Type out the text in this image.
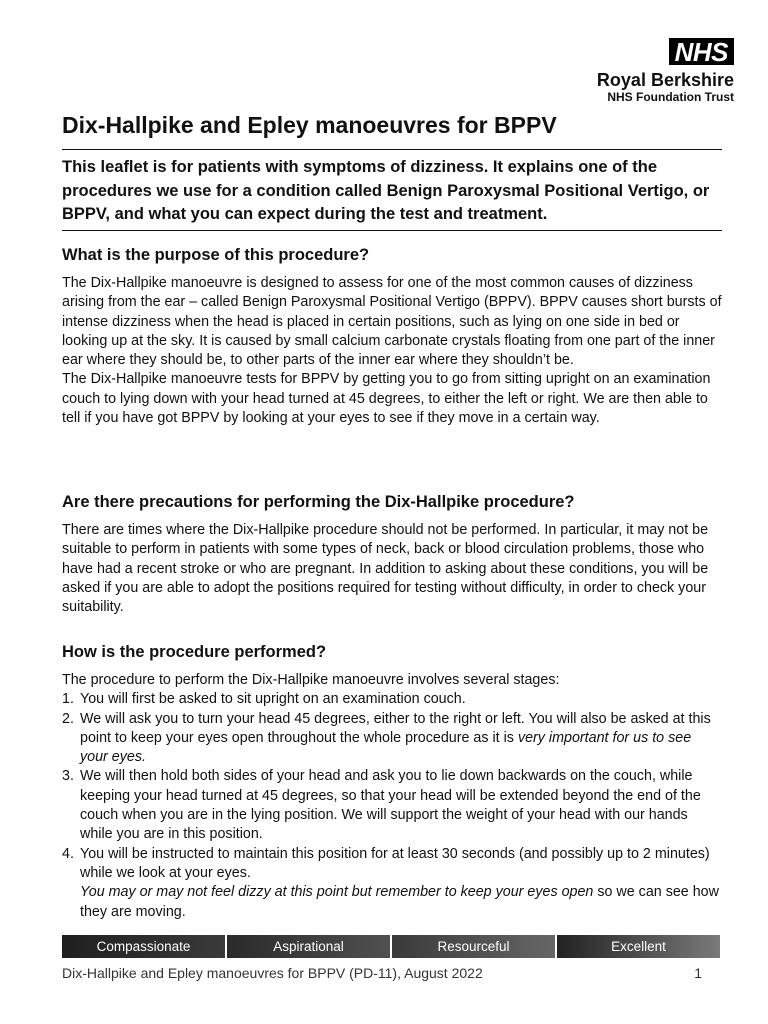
NHS
Royal Berkshire
NHS Foundation Trust
Dix-Hallpike and Epley manoeuvres for BPPV

This leaflet is for patients with symptoms of dizziness. It explains one of the procedures we use for a condition called Benign Paroxysmal Positional Vertigo, or BPPV, and what you can expect during the test and treatment.

What is the purpose of this procedure?

The Dix-Hallpike manoeuvre is designed to assess for one of the most common causes of dizziness arising from the ear – called Benign Paroxysmal Positional Vertigo (BPPV). BPPV causes short bursts of intense dizziness when the head is placed in certain positions, such as lying on one side in bed or looking up at the sky. It is caused by small calcium carbonate crystals floating from one part of the inner ear where they should be, to other parts of the inner ear where they shouldn’t be.

The Dix-Hallpike manoeuvre tests for BPPV by getting you to go from sitting upright on an examination couch to lying down with your head turned at 45 degrees, to either the left or right. We are then able to tell if you have got BPPV by looking at your eyes to see if they move in a certain way.

Are there precautions for performing the Dix-Hallpike procedure?

There are times where the Dix-Hallpike procedure should not be performed. In particular, it may not be suitable to perform in patients with some types of neck, back or blood circulation problems, those who have had a recent stroke or who are pregnant. In addition to asking about these conditions, you will be asked if you are able to adopt the positions required for testing without difficulty, in order to check your suitability.

How is the procedure performed?

The procedure to perform the Dix-Hallpike manoeuvre involves several stages:

1. You will first be asked to sit upright on an examination couch.
2. We will ask you to turn your head 45 degrees, either to the right or left. You will also be asked at this point to keep your eyes open throughout the whole procedure as it is very important for us to see your eyes.
3. We will then hold both sides of your head and ask you to lie down backwards on the couch, while keeping your head turned at 45 degrees, so that your head will be extended beyond the end of the couch when you are in the lying position. We will support the weight of your head with our hands while you are in this position.
4. You will be instructed to maintain this position for at least 30 seconds (and possibly up to 2 minutes) while we look at your eyes.
You may or may not feel dizzy at this point but remember to keep your eyes open so we can see how they are moving.
Compassionate	Aspirational	Resourceful	Excellent
Dix-Hallpike and Epley manoeuvres for BPPV (PD-11), August 2022	1
